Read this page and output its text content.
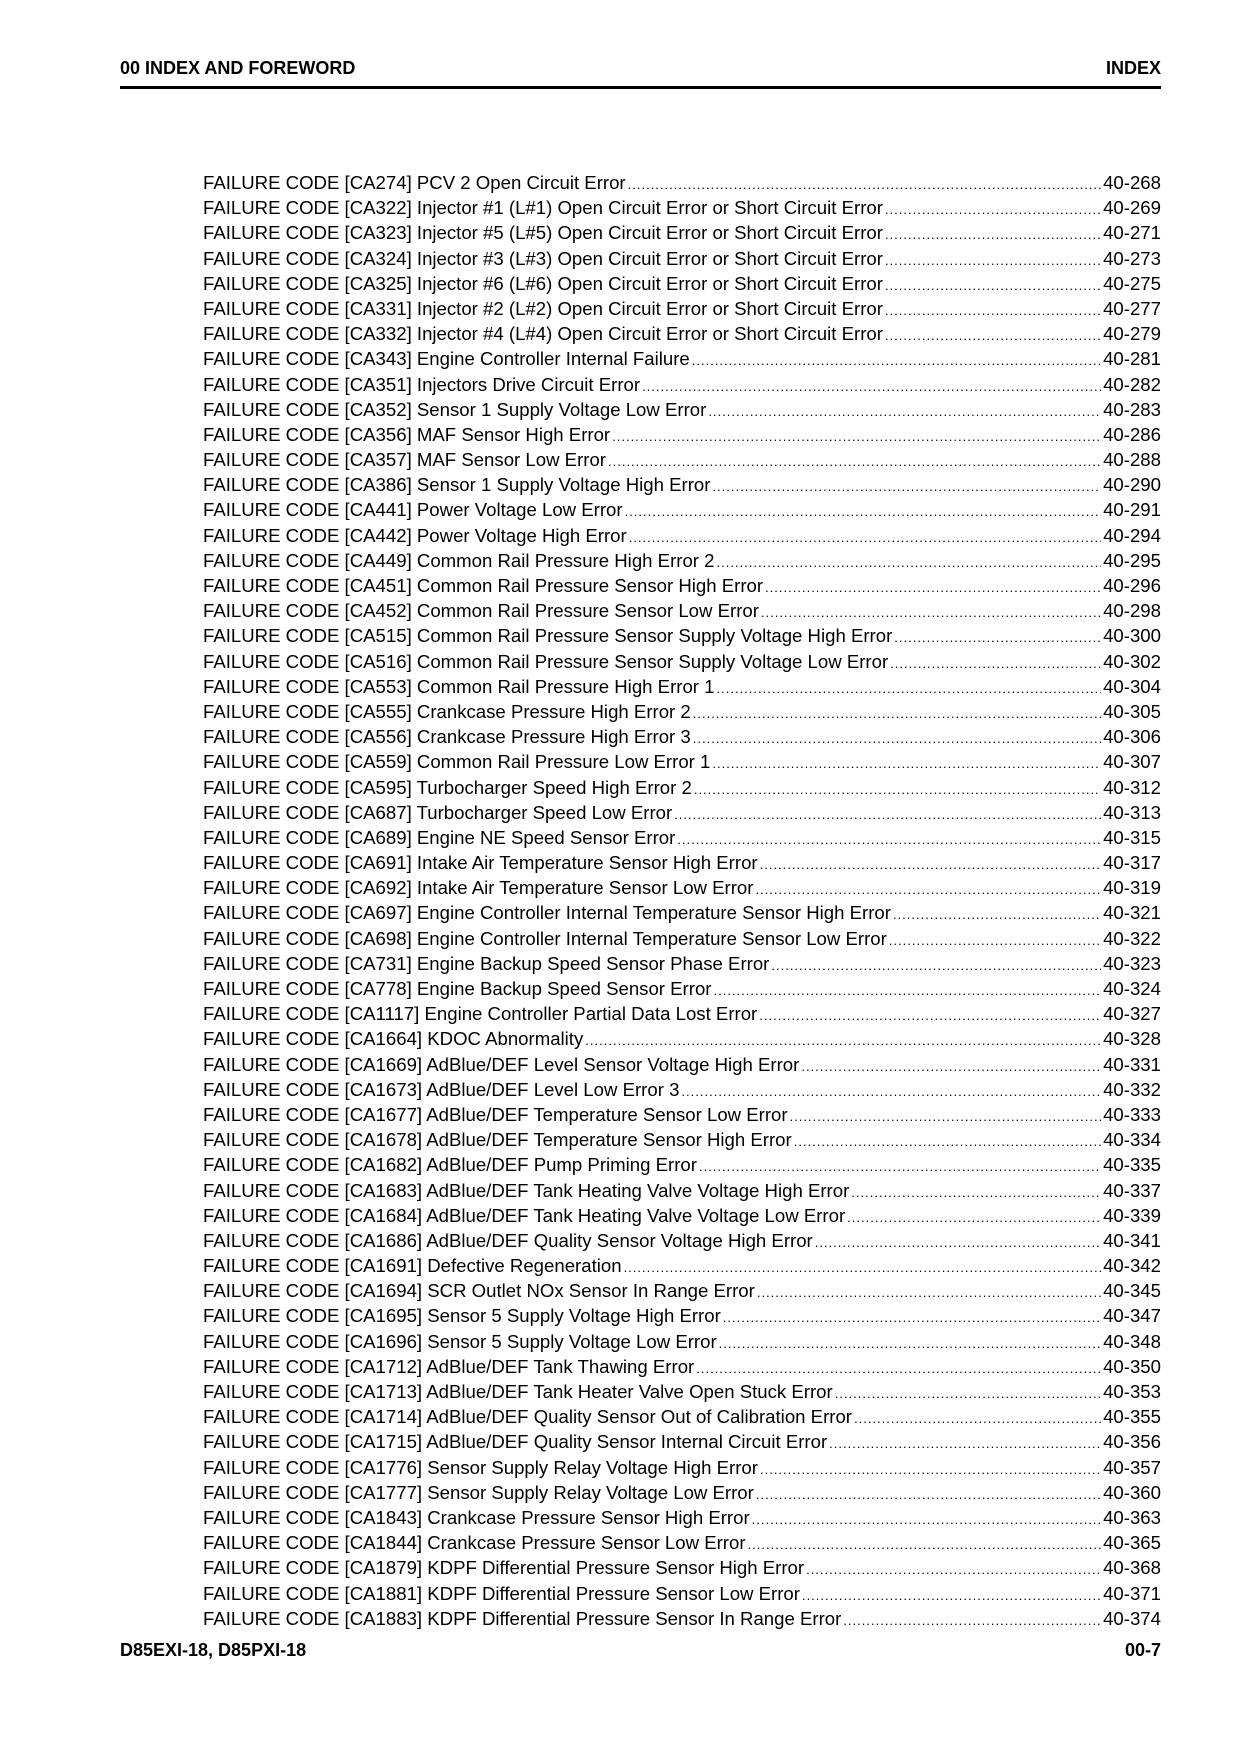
00 INDEX AND FOREWORD	INDEX
FAILURE CODE [CA274] PCV 2 Open Circuit Error .....	40-268
FAILURE CODE [CA322] Injector #1 (L#1) Open Circuit Error or Short Circuit Error .....	40-269
FAILURE CODE [CA323] Injector #5 (L#5) Open Circuit Error or Short Circuit Error .....	40-271
FAILURE CODE [CA324] Injector #3 (L#3) Open Circuit Error or Short Circuit Error .....	40-273
FAILURE CODE [CA325] Injector #6 (L#6) Open Circuit Error or Short Circuit Error .....	40-275
FAILURE CODE [CA331] Injector #2 (L#2) Open Circuit Error or Short Circuit Error .....	40-277
FAILURE CODE [CA332] Injector #4 (L#4) Open Circuit Error or Short Circuit Error .....	40-279
FAILURE CODE [CA343] Engine Controller Internal Failure .....	40-281
FAILURE CODE [CA351] Injectors Drive Circuit Error .....	40-282
FAILURE CODE [CA352] Sensor 1 Supply Voltage Low Error .....	40-283
FAILURE CODE [CA356] MAF Sensor High Error .....	40-286
FAILURE CODE [CA357] MAF Sensor Low Error .....	40-288
FAILURE CODE [CA386] Sensor 1 Supply Voltage High Error .....	40-290
FAILURE CODE [CA441] Power Voltage Low Error .....	40-291
FAILURE CODE [CA442] Power Voltage High Error .....	40-294
FAILURE CODE [CA449] Common Rail Pressure High Error 2 .....	40-295
FAILURE CODE [CA451] Common Rail Pressure Sensor High Error .....	40-296
FAILURE CODE [CA452] Common Rail Pressure Sensor Low Error .....	40-298
FAILURE CODE [CA515] Common Rail Pressure Sensor Supply Voltage High Error .....	40-300
FAILURE CODE [CA516] Common Rail Pressure Sensor Supply Voltage Low Error .....	40-302
FAILURE CODE [CA553] Common Rail Pressure High Error 1 .....	40-304
FAILURE CODE [CA555] Crankcase Pressure High Error 2 .....	40-305
FAILURE CODE [CA556] Crankcase Pressure High Error 3 .....	40-306
FAILURE CODE [CA559] Common Rail Pressure Low Error 1 .....	40-307
FAILURE CODE [CA595] Turbocharger Speed High Error 2 .....	40-312
FAILURE CODE [CA687] Turbocharger Speed Low Error .....	40-313
FAILURE CODE [CA689] Engine NE Speed Sensor Error .....	40-315
FAILURE CODE [CA691] Intake Air Temperature Sensor High Error .....	40-317
FAILURE CODE [CA692] Intake Air Temperature Sensor Low Error .....	40-319
FAILURE CODE [CA697] Engine Controller Internal Temperature Sensor High Error .....	40-321
FAILURE CODE [CA698] Engine Controller Internal Temperature Sensor Low Error .....	40-322
FAILURE CODE [CA731] Engine Backup Speed Sensor Phase Error .....	40-323
FAILURE CODE [CA778] Engine Backup Speed Sensor Error .....	40-324
FAILURE CODE [CA1117] Engine Controller Partial Data Lost Error .....	40-327
FAILURE CODE [CA1664] KDOC Abnormality .....	40-328
FAILURE CODE [CA1669] AdBlue/DEF Level Sensor Voltage High Error .....	40-331
FAILURE CODE [CA1673] AdBlue/DEF Level Low Error 3 .....	40-332
FAILURE CODE [CA1677] AdBlue/DEF Temperature Sensor Low Error .....	40-333
FAILURE CODE [CA1678] AdBlue/DEF Temperature Sensor High Error .....	40-334
FAILURE CODE [CA1682] AdBlue/DEF Pump Priming Error .....	40-335
FAILURE CODE [CA1683] AdBlue/DEF Tank Heating Valve Voltage High Error .....	40-337
FAILURE CODE [CA1684] AdBlue/DEF Tank Heating Valve Voltage Low Error .....	40-339
FAILURE CODE [CA1686] AdBlue/DEF Quality Sensor Voltage High Error .....	40-341
FAILURE CODE [CA1691] Defective Regeneration .....	40-342
FAILURE CODE [CA1694] SCR Outlet NOx Sensor In Range Error .....	40-345
FAILURE CODE [CA1695] Sensor 5 Supply Voltage High Error .....	40-347
FAILURE CODE [CA1696] Sensor 5 Supply Voltage Low Error .....	40-348
FAILURE CODE [CA1712] AdBlue/DEF Tank Thawing Error .....	40-350
FAILURE CODE [CA1713] AdBlue/DEF Tank Heater Valve Open Stuck Error .....	40-353
FAILURE CODE [CA1714] AdBlue/DEF Quality Sensor Out of Calibration Error .....	40-355
FAILURE CODE [CA1715] AdBlue/DEF Quality Sensor Internal Circuit Error .....	40-356
FAILURE CODE [CA1776] Sensor Supply Relay Voltage High Error .....	40-357
FAILURE CODE [CA1777] Sensor Supply Relay Voltage Low Error .....	40-360
FAILURE CODE [CA1843] Crankcase Pressure Sensor High Error .....	40-363
FAILURE CODE [CA1844] Crankcase Pressure Sensor Low Error .....	40-365
FAILURE CODE [CA1879] KDPF Differential Pressure Sensor High Error .....	40-368
FAILURE CODE [CA1881] KDPF Differential Pressure Sensor Low Error .....	40-371
FAILURE CODE [CA1883] KDPF Differential Pressure Sensor In Range Error .....	40-374
D85EXI-18, D85PXI-18	00-7
